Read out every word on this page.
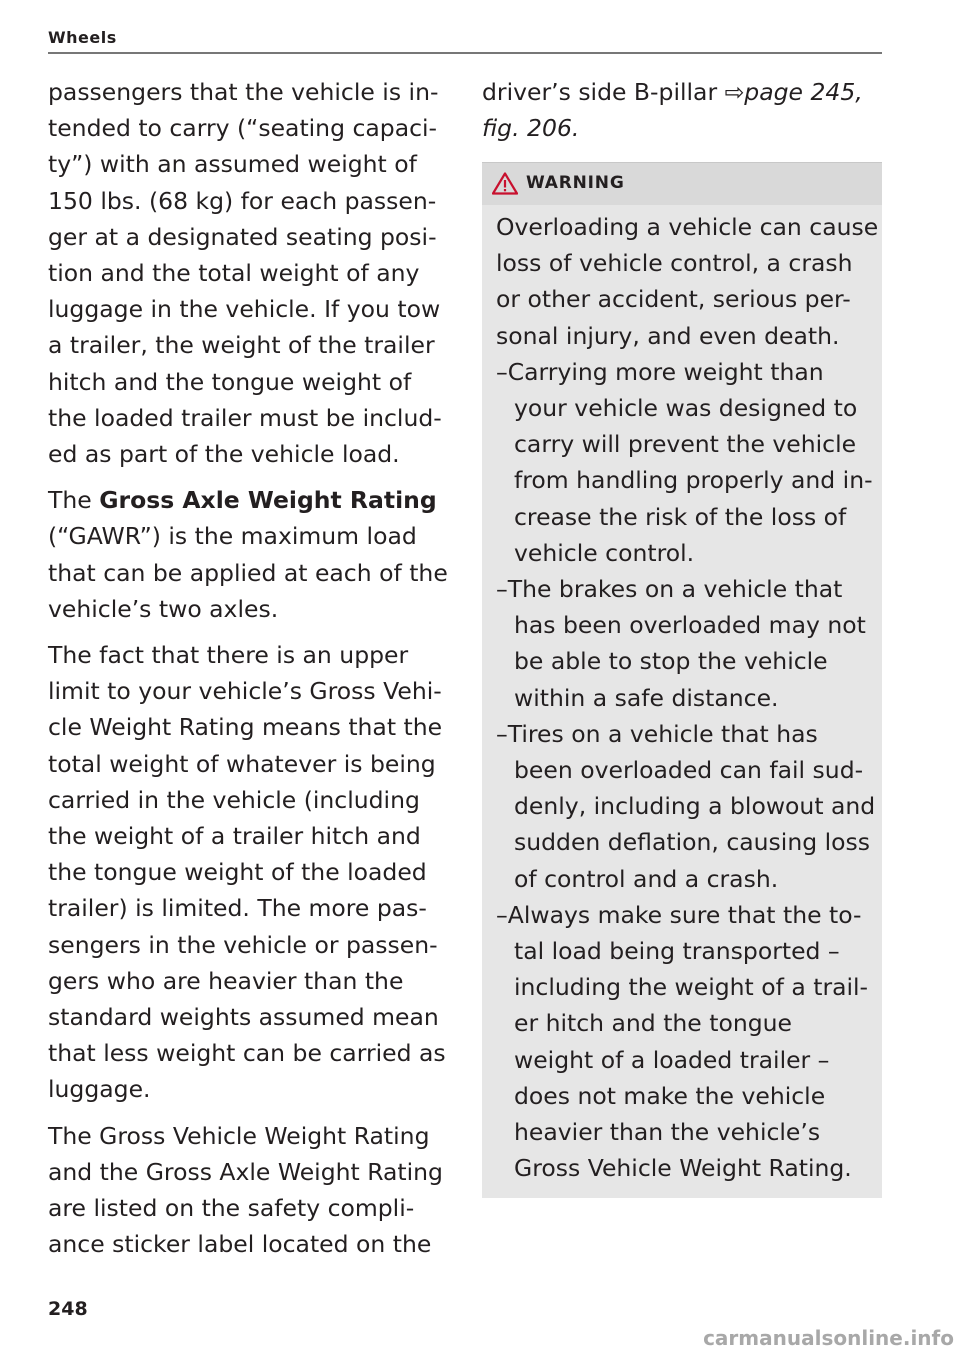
Wheels

passengers that the vehicle is in-
tended to carry (“seating capaci-
ty”) with an assumed weight of
150 lbs. (68 kg) for each passen-
ger at a designated seating posi-
tion and the total weight of any
luggage in the vehicle. If you tow
a trailer, the weight of the trailer
hitch and the tongue weight of
the loaded trailer must be includ-
ed as part of the vehicle load.

The Gross Axle Weight Rating
(“GAWR”) is the maximum load
that can be applied at each of the
vehicle’s two axles.

The fact that there is an upper
limit to your vehicle’s Gross Vehi-
cle Weight Rating means that the
total weight of whatever is being
carried in the vehicle (including
the weight of a trailer hitch and
the tongue weight of the loaded
trailer) is limited. The more pas-
sengers in the vehicle or passen-
gers who are heavier than the
standard weights assumed mean
that less weight can be carried as
luggage.

The Gross Vehicle Weight Rating
and the Gross Axle Weight Rating
are listed on the safety compli-
ance sticker label located on the

driver’s side B-pillar ⇨page 245,
fig. 206.

WARNING
Overloading a vehicle can cause
loss of vehicle control, a crash
or other accident, serious per-
sonal injury, and even death.
–Carrying more weight than
your vehicle was designed to
carry will prevent the vehicle
from handling properly and in-
crease the risk of the loss of
vehicle control.
–The brakes on a vehicle that
has been overloaded may not
be able to stop the vehicle
within a safe distance.
–Tires on a vehicle that has
been overloaded can fail sud-
denly, including a blowout and
sudden deflation, causing loss
of control and a crash.
–Always make sure that the to-
tal load being transported –
including the weight of a trail-
er hitch and the tongue
weight of a loaded trailer –
does not make the vehicle
heavier than the vehicle’s
Gross Vehicle Weight Rating.
248
carmanualsonline.info
